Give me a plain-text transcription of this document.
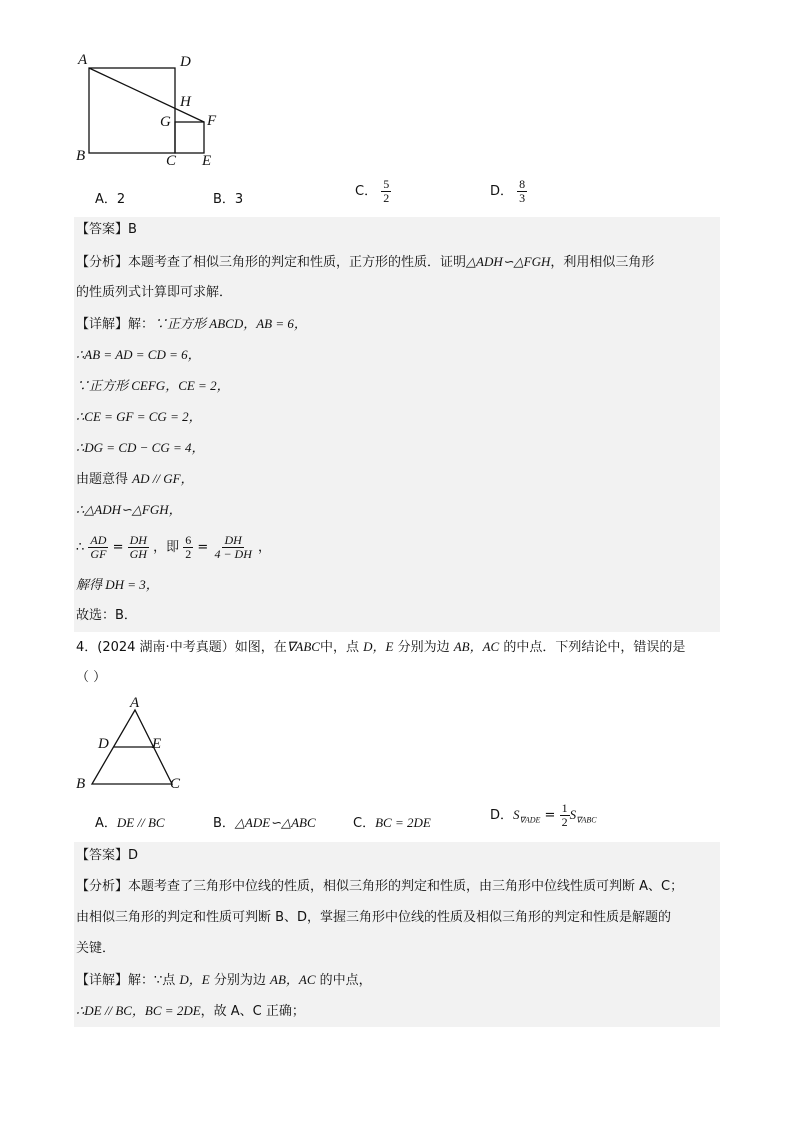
A	D
H
G F
B	C E
A．2	B．3
C． $\frac{5}{2}$	D． $\frac{8}{3}$
【答案】B
【分析】本题考查了相似三角形的判定和性质，正方形的性质．证明△ADH∽△FGH，利用相似三角形
的性质列式计算即可求解．
【详解】解：∵正方形 ABCD，AB = 6，
∴AB = AD = CD = 6，
∵正方形 CEFG，CE = 2，
∴CE = GF = CG = 2，
∴DG = CD − CG = 4，
由题意得 AD // GF，
∴△ADH∽△FGH，
∴ $\frac{AD}{GF} = \frac{DH}{GH}$ ，即 $\frac{6}{2} = \frac{DH}{4 - DH}$ ，
解得 DH = 3，
故选：B．
4．(2024 湖南·中考真题）如图，在∇ABC中，点 D，E 分别为边 AB，AC 的中点．下列结论中，错误的是
（ ）
A
D	E
B	C
A．DE // BC	B．△ADE∽△ABC	C．BC = 2DE	D．$S_{\nabla ADE} = \frac{1}{2} S_{\nabla ABC}$
【答案】D
【分析】本题考查了三角形中位线的性质，相似三角形的判定和性质，由三角形中位线性质可判断 A、C；
由相似三角形的判定和性质可判断 B、D，掌握三角形中位线的性质及相似三角形的判定和性质是解题的
关键．
【详解】解：∵点 D，E 分别为边 AB，AC 的中点，
∴DE // BC，BC = 2DE，故 A、C 正确；
